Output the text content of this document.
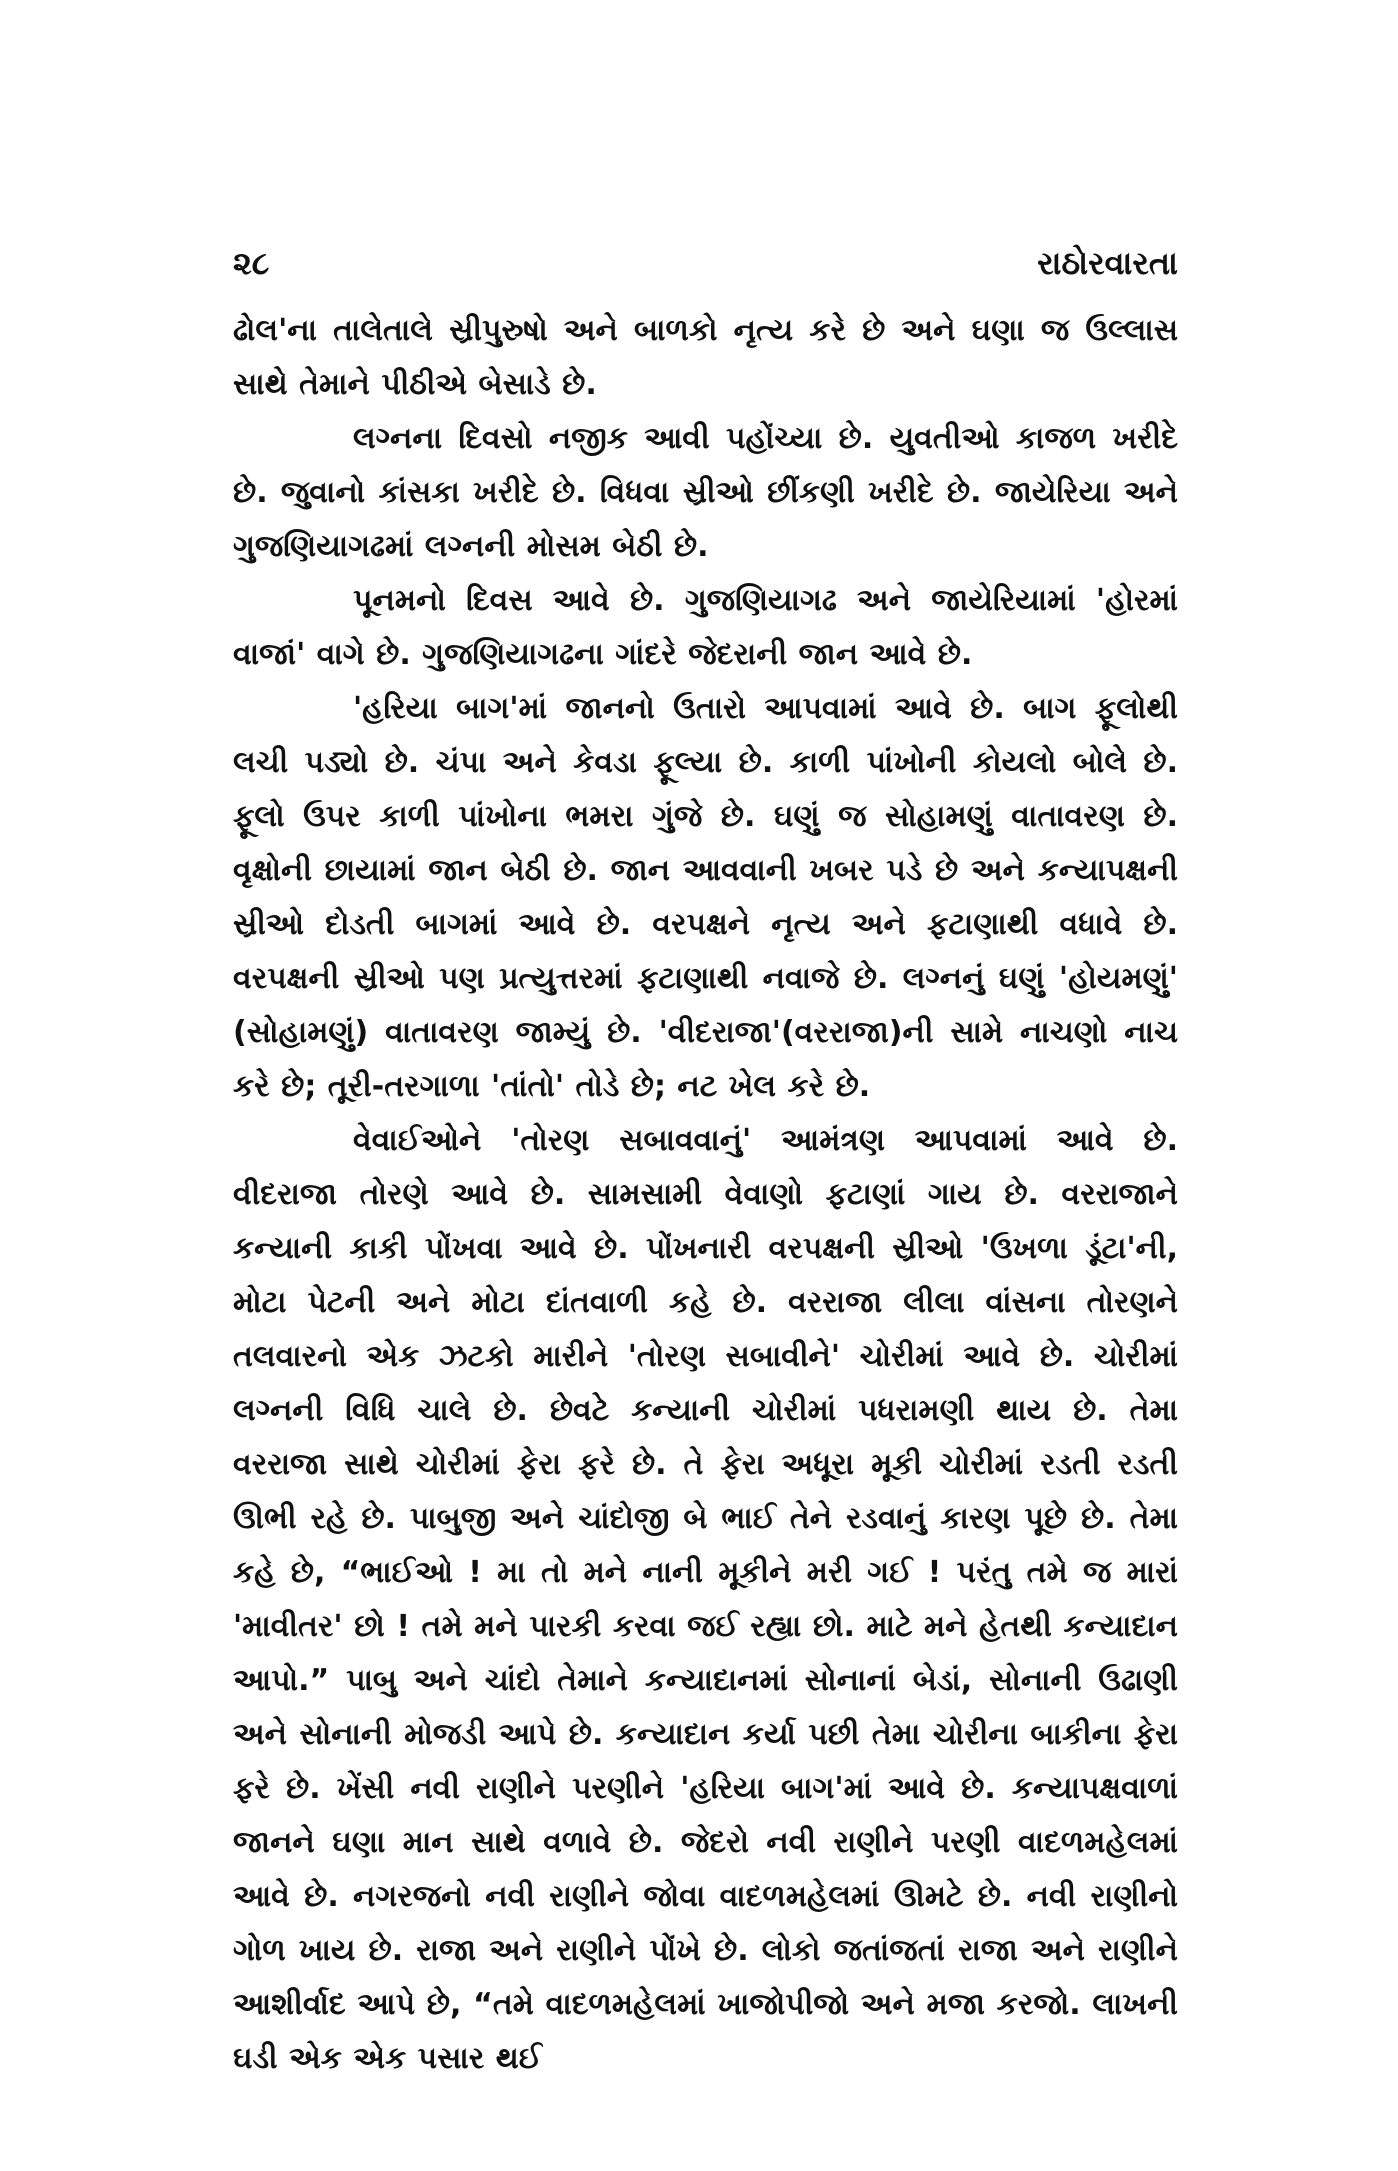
૨૮	રાઠોરવારતા

ઢોલ'ના તાલેતાલે સ્રીપુરુષો અને બાળકો નૃત્ય કરે છે અને ઘણા જ ઉલ્લાસ સાથે તેમાને પીઠીએ બેસાડે છે.

લગ્નના દિવસો નજીક આવી પહોંચ્યા છે. યુવતીઓ કાજળ ખરીદે છે. જુવાનો કાંસકા ખરીદે છે. વિધવા સ્રીઓ છીંકણી ખરીદે છે. જાયેરિયા અને ગુજણિયાગઢમાં લગ્નની મોસમ બેઠી છે.

પૂનમનો દિવસ આવે છે. ગુજણિયાગઢ અને જાયેરિયામાં 'હોરમાં વાજાં' વાગે છે. ગુજણિયાગઢના ગાંદરે જેદરાની જાન આવે છે.

'હરિયા બાગ'માં જાનનો ઉતારો આપવામાં આવે છે. બાગ ફૂલોથી લચી પડ્યો છે. ચંપા અને કેવડા ફૂલ્યા છે. કાળી પાંખોની કોયલો બોલે છે. ફૂલો ઉપર કાળી પાંખોના ભમરા ગુંજે છે. ઘણું જ સોહામણું વાતાવરણ છે. વૃક્ષોની છાયામાં જાન બેઠી છે. જાન આવવાની ખબર પડે છે અને કન્યાપક્ષની સ્રીઓ દોડતી બાગમાં આવે છે. વરપક્ષને નૃત્ય અને ફટાણાથી વધાવે છે. વરપક્ષની સ્રીઓ પણ પ્રત્યુત્તરમાં ફટાણાથી નવાજે છે. લગ્નનું ઘણું 'હોયમણું' (સોહામણું) વાતાવરણ જામ્યું છે. 'વીદરાજા'(વરરાજા)ની સામે નાચણો નાચ કરે છે; તૂરી-તરગાળા 'તાંતો' તોડે છે; નટ ખેલ કરે છે.

વેવાઈઓને 'તોરણ સબાવવાનું' આમંત્રણ આપવામાં આવે છે. વીદરાજા તોરણે આવે છે. સામસામી વેવાણો ફટાણાં ગાય છે. વરરાજાને કન્યાની કાકી પોંખવા આવે છે. પોંખનારી વરપક્ષની સ્રીઓ 'ઉખળા ડૂંટા'ની, મોટા પેટની અને મોટા દાંતવાળી કહે છે. વરરાજા લીલા વાંસના તોરણને તલવારનો એક ઝટકો મારીને 'તોરણ સબાવીને' ચોરીમાં આવે છે. ચોરીમાં લગ્નની વિધિ ચાલે છે. છેવટે કન્યાની ચોરીમાં પધરામણી થાય છે. તેમા વરરાજા સાથે ચોરીમાં ફેરા ફરે છે. તે ફેરા અધૂરા મૂકી ચોરીમાં રડતી રડતી ઊભી રહે છે. પાબુજી અને ચાંદોજી બે ભાઈ તેને રડવાનું કારણ પૂછે છે. તેમા કહે છે, “ભાઈઓ ! મા તો મને નાની મૂકીને મરી ગઈ ! પરંતુ તમે જ મારાં 'માવીતર' છો ! તમે મને પારકી કરવા જઈ રહ્યા છો. માટે મને હેતથી કન્યાદાન આપો.” પાબુ અને ચાંદો તેમાને કન્યાદાનમાં સોનાનાં બેડાં, સોનાની ઉઢાણી અને સોનાની મોજડી આપે છે. કન્યાદાન કર્યા પછી તેમા ચોરીના બાકીના ફેરા ફરે છે. ખેંસી નવી રાણીને પરણીને 'હરિયા બાગ'માં આવે છે. કન્યાપક્ષવાળાં જાનને ઘણા માન સાથે વળાવે છે. જેદરો નવી રાણીને પરણી વાદળમહેલમાં આવે છે. નગરજનો નવી રાણીને જોવા વાદળમહેલમાં ઊમટે છે. નવી રાણીનો ગોળ ખાય છે. રાજા અને રાણીને પોંખે છે. લોકો જતાંજતાં રાજા અને રાણીને આશીર્વાદ આપે છે, “તમે વાદળમહેલમાં ખાજોપીજો અને મજા કરજો. લાખની ઘડી એક એક પસાર થઈ
